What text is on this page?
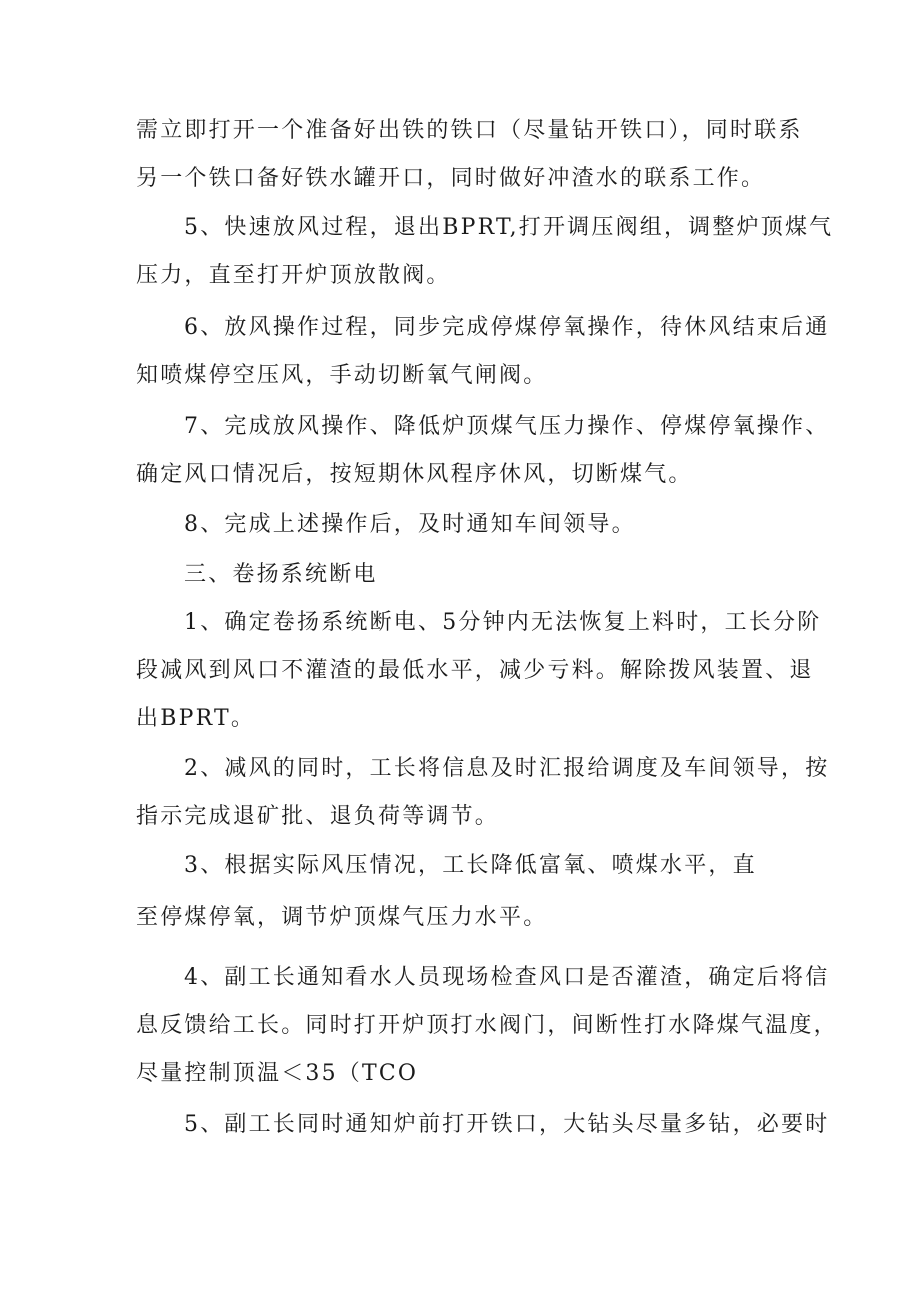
需立即打开一个准备好出铁的铁口（尽量钻开铁口），同时联系

另一个铁口备好铁水罐开口，同时做好冲渣水的联系工作。

5、快速放风过程，退出BPRT,打开调压阀组，调整炉顶煤气

压力，直至打开炉顶放散阀。

6、放风操作过程，同步完成停煤停氧操作，待休风结束后通

知喷煤停空压风，手动切断氧气闸阀。

7、完成放风操作、降低炉顶煤气压力操作、停煤停氧操作、

确定风口情况后，按短期休风程序休风，切断煤气。

8、完成上述操作后，及时通知车间领导。

三、卷扬系统断电

1、确定卷扬系统断电、5分钟内无法恢复上料时，工长分阶

段减风到风口不灌渣的最低水平，减少亏料。解除拨风装置、退

出BPRT。

2、减风的同时，工长将信息及时汇报给调度及车间领导，按

指示完成退矿批、退负荷等调节。

3、根据实际风压情况，工长降低富氧、喷煤水平，直

至停煤停氧，调节炉顶煤气压力水平。

4、副工长通知看水人员现场检查风口是否灌渣，确定后将信

息反馈给工长。同时打开炉顶打水阀门，间断性打水降煤气温度，

尽量控制顶温＜35（TCO

5、副工长同时通知炉前打开铁口，大钻头尽量多钻，必要时
